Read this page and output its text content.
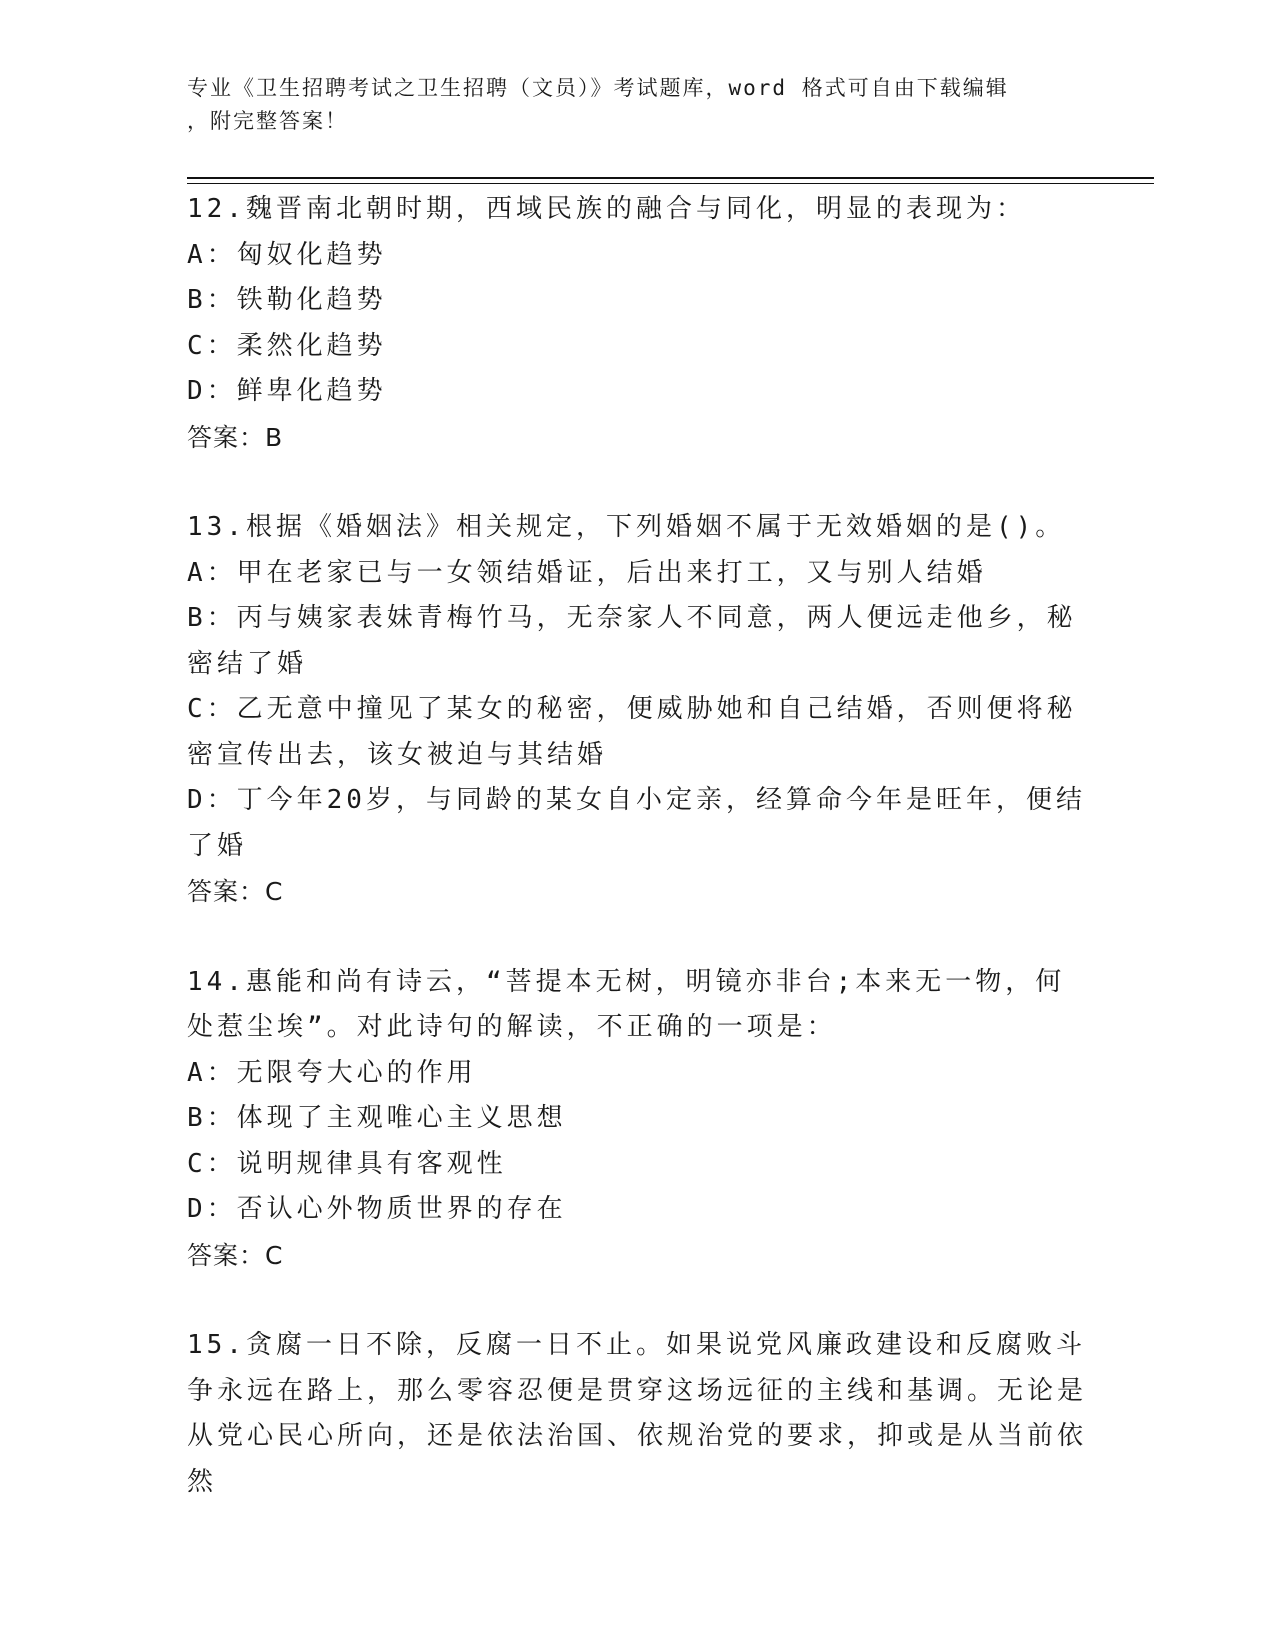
专业《卫生招聘考试之卫生招聘（文员）》考试题库，word 格式可自由下载编辑
，附完整答案！
12.魏晋南北朝时期，西域民族的融合与同化，明显的表现为：
A：匈奴化趋势
B：铁勒化趋势
C：柔然化趋势
D：鲜卑化趋势
答案：B
13.根据《婚姻法》相关规定，下列婚姻不属于无效婚姻的是()。
A：甲在老家已与一女领结婚证，后出来打工，又与别人结婚
B：丙与姨家表妹青梅竹马，无奈家人不同意，两人便远走他乡，秘密结了婚
C：乙无意中撞见了某女的秘密，便威胁她和自己结婚，否则便将秘密宣传出去，该女被迫与其结婚
D：丁今年20岁，与同龄的某女自小定亲，经算命今年是旺年，便结了婚
答案：C
14.惠能和尚有诗云，“菩提本无树，明镜亦非台;本来无一物，何处惹尘埃”。对此诗句的解读，不正确的一项是：
A：无限夸大心的作用
B：体现了主观唯心主义思想
C：说明规律具有客观性
D：否认心外物质世界的存在
答案：C
15.贪腐一日不除，反腐一日不止。如果说党风廉政建设和反腐败斗争永远在路上，那么零容忍便是贯穿这场远征的主线和基调。无论是从党心民心所向，还是依法治国、依规治党的要求，抑或是从当前依然
